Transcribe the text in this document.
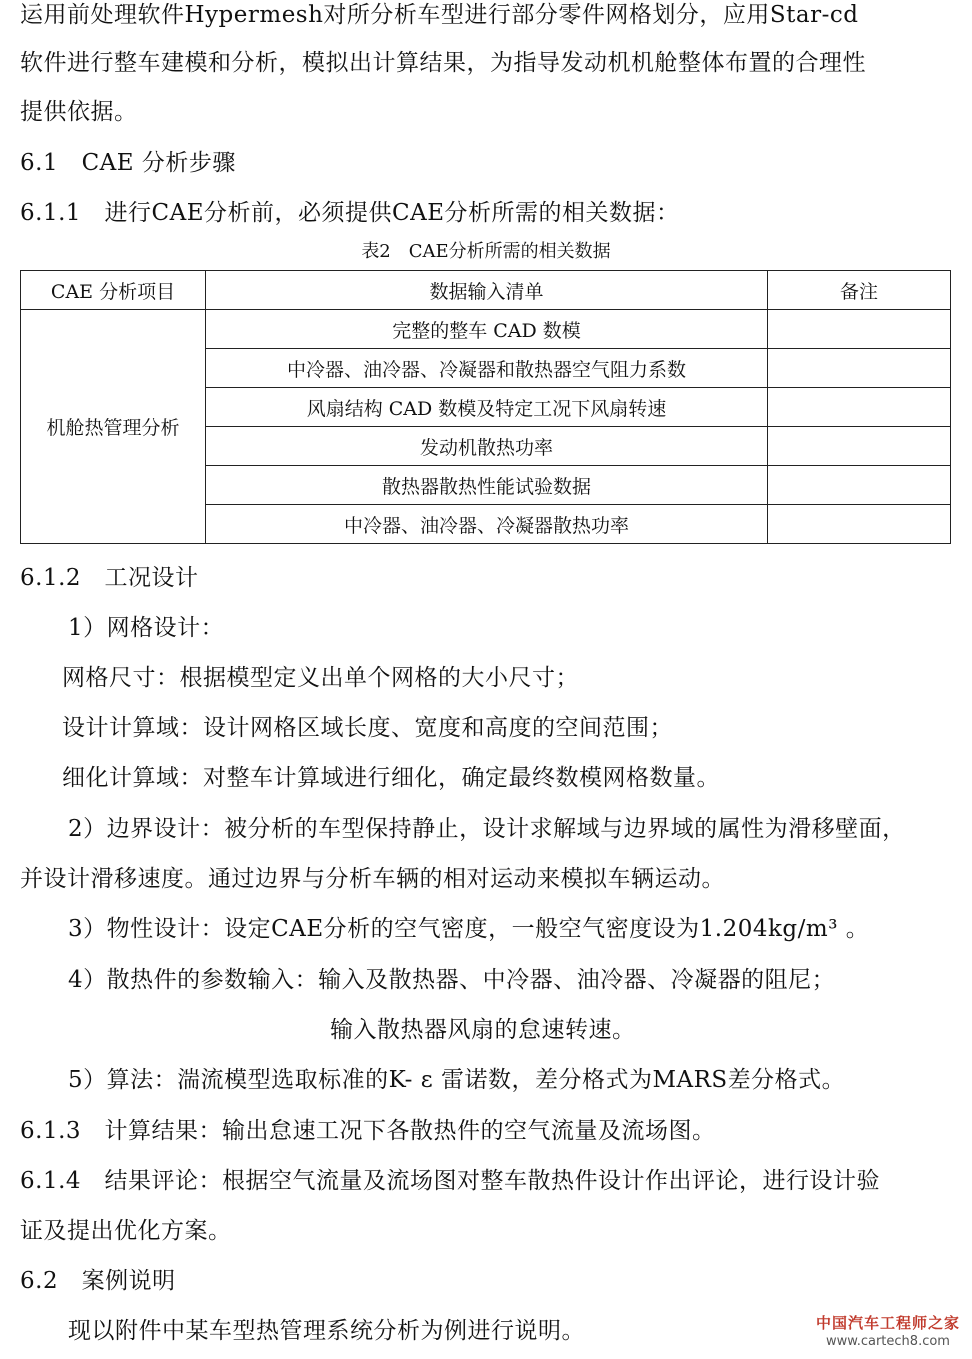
运用前处理软件Hypermesh对所分析车型进行部分零件网格划分，应用Star-cd
软件进行整车建模和分析，模拟出计算结果，为指导发动机机舱整体布置的合理性
提供依据。
6.1　CAE 分析步骤
6.1.1　进行CAE分析前，必须提供CAE分析所需的相关数据：
表2　CAE分析所需的相关数据
CAE 分析项目	数据输入清单	备注
机舱热管理分析	完整的整车 CAD 数模	
	中冷器、油冷器、冷凝器和散热器空气阻力系数	
	风扇结构 CAD 数模及特定工况下风扇转速	
	发动机散热功率	
	散热器散热性能试验数据	
	中冷器、油冷器、冷凝器散热功率	
6.1.2　工况设计
1）网格设计：
网格尺寸：根据模型定义出单个网格的大小尺寸；
设计计算域：设计网格区域长度、宽度和高度的空间范围；
细化计算域：对整车计算域进行细化，确定最终数模网格数量。
2）边界设计：被分析的车型保持静止，设计求解域与边界域的属性为滑移壁面，
并设计滑移速度。通过边界与分析车辆的相对运动来模拟车辆运动。
3）物性设计：设定CAE分析的空气密度，一般空气密度设为1.204kg/m³ 。
4）散热件的参数输入：输入及散热器、中冷器、油冷器、冷凝器的阻尼；
输入散热器风扇的怠速转速。
5）算法：湍流模型选取标准的K- ε 雷诺数，差分格式为MARS差分格式。
6.1.3　计算结果：输出怠速工况下各散热件的空气流量及流场图。
6.1.4　结果评论：根据空气流量及流场图对整车散热件设计作出评论，进行设计验
证及提出优化方案。
6.2　案例说明
现以附件中某车型热管理系统分析为例进行说明。	中国汽车工程师之家
www.cartech8.com
